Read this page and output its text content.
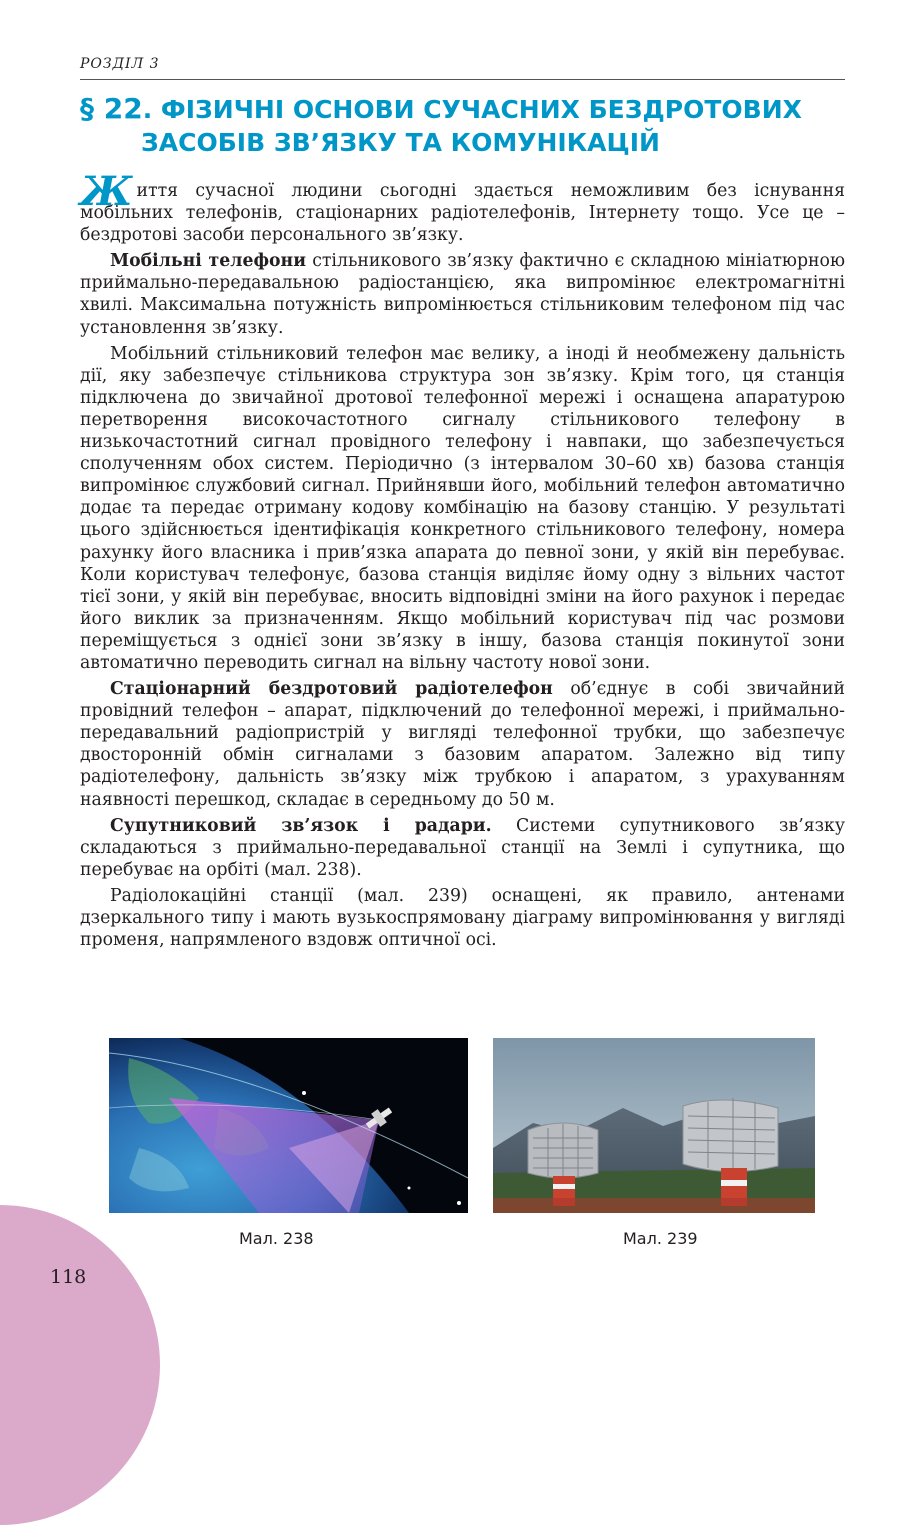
РОЗДІЛ 3
§ 22. ФІЗИЧНІ ОСНОВИ СУЧАСНИХ БЕЗДРОТОВИХ
ЗАСОБІВ ЗВ’ЯЗКУ ТА КОМУНІКАЦІЙ

Життя сучасної людини сьогодні здається неможливим без існування мобільних телефонів, стаціонарних радіотелефонів, Інтернету тощо. Усе це – бездротові засоби персонального зв’язку.

Мобільні телефони стільникового зв’язку фактично є складною мініатюрною приймально-передавальною радіостанцією, яка випромінює електромагнітні хвилі. Максимальна потужність випромінюється стільниковим телефоном під час установлення зв’язку.

Мобільний стільниковий телефон має велику, а іноді й необмежену дальність дії, яку забезпечує стільникова структура зон зв’язку. Крім того, ця станція підключена до звичайної дротової телефонної мережі і оснащена апаратурою перетворення високочастотного сигналу стільникового телефону в низькочастотний сигнал провідного телефону і навпаки, що забезпечується сполученням обох систем. Періодично (з інтервалом 30–60 хв) базова станція випромінює службовий сигнал. Прийнявши його, мобільний телефон автоматично додає та передає отриману кодову комбінацію на базову станцію. У результаті цього здійснюється ідентифікація конкретного стільникового телефону, номера рахунку його власника і прив’язка апарата до певної зони, у якій він перебуває. Коли користувач телефонує, базова станція виділяє йому одну з вільних частот тієї зони, у якій він перебуває, вносить відповідні зміни на його рахунок і передає його виклик за призначенням. Якщо мобільний користувач під час розмови переміщується з однієї зони зв’язку в іншу, базова станція покинутої зони автоматично переводить сигнал на вільну частоту нової зони.

Стаціонарний бездротовий радіотелефон об’єднує в собі звичайний провідний телефон – апарат, підключений до телефонної мережі, і приймально-передавальний радіопристрій у вигляді телефонної трубки, що забезпечує двосторонній обмін сигналами з базовим апаратом. Залежно від типу радіотелефону, дальність зв’язку між трубкою і апаратом, з урахуванням наявності перешкод, складає в середньому до 50 м.

Супутниковий зв’язок і радари. Системи супутникового зв’язку складаються з приймально-передавальної станції на Землі і супутника, що перебуває на орбіті (мал. 238).

Радіолокаційні станції (мал. 239) оснащені, як правило, антенами дзеркального типу і мають вузькоспрямовану діаграму випромінювання у вигляді променя, напрямленого вздовж оптичної осі.

Мал. 238	Мал. 239
118
